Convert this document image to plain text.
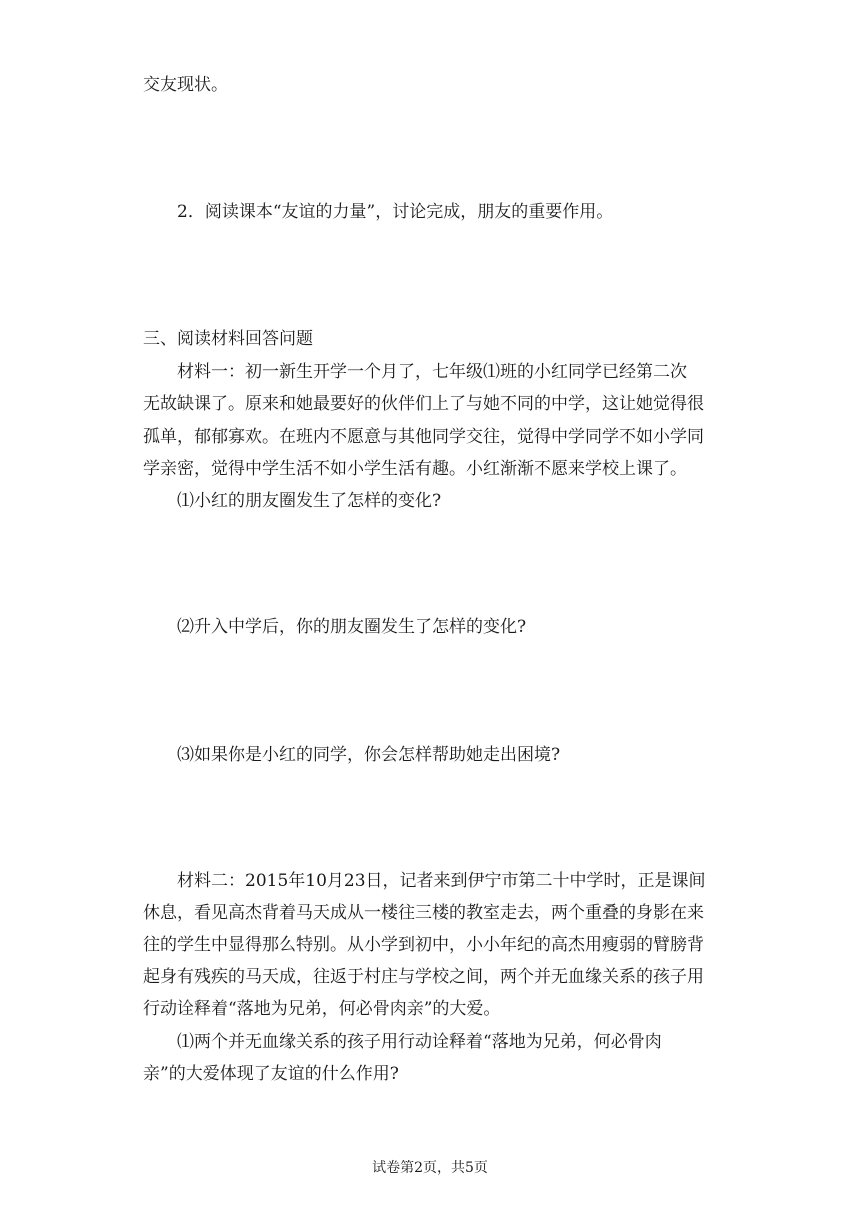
交友现状。
2．阅读课本“友谊的力量”，讨论完成，朋友的重要作用。
三、阅读材料回答问题
材料一：初一新生开学一个月了，七年级⑴班的小红同学已经第二次
无故缺课了。原来和她最要好的伙伴们上了与她不同的中学，这让她觉得很
孤单，郁郁寡欢。在班内不愿意与其他同学交往，觉得中学同学不如小学同
学亲密，觉得中学生活不如小学生活有趣。小红渐渐不愿来学校上课了。
⑴小红的朋友圈发生了怎样的变化?
⑵升入中学后，你的朋友圈发生了怎样的变化?
⑶如果你是小红的同学，你会怎样帮助她走出困境?
材料二：2015年10月23日，记者来到伊宁市第二十中学时，正是课间
休息，看见高杰背着马天成从一楼往三楼的教室走去，两个重叠的身影在来
往的学生中显得那么特别。从小学到初中，小小年纪的高杰用瘦弱的臂膀背
起身有残疾的马天成，往返于村庄与学校之间，两个并无血缘关系的孩子用
行动诠释着“落地为兄弟，何必骨肉亲”的大爱。
⑴两个并无血缘关系的孩子用行动诠释着“落地为兄弟，何必骨肉
亲”的大爱体现了友谊的什么作用?
试卷第2页，共5页
